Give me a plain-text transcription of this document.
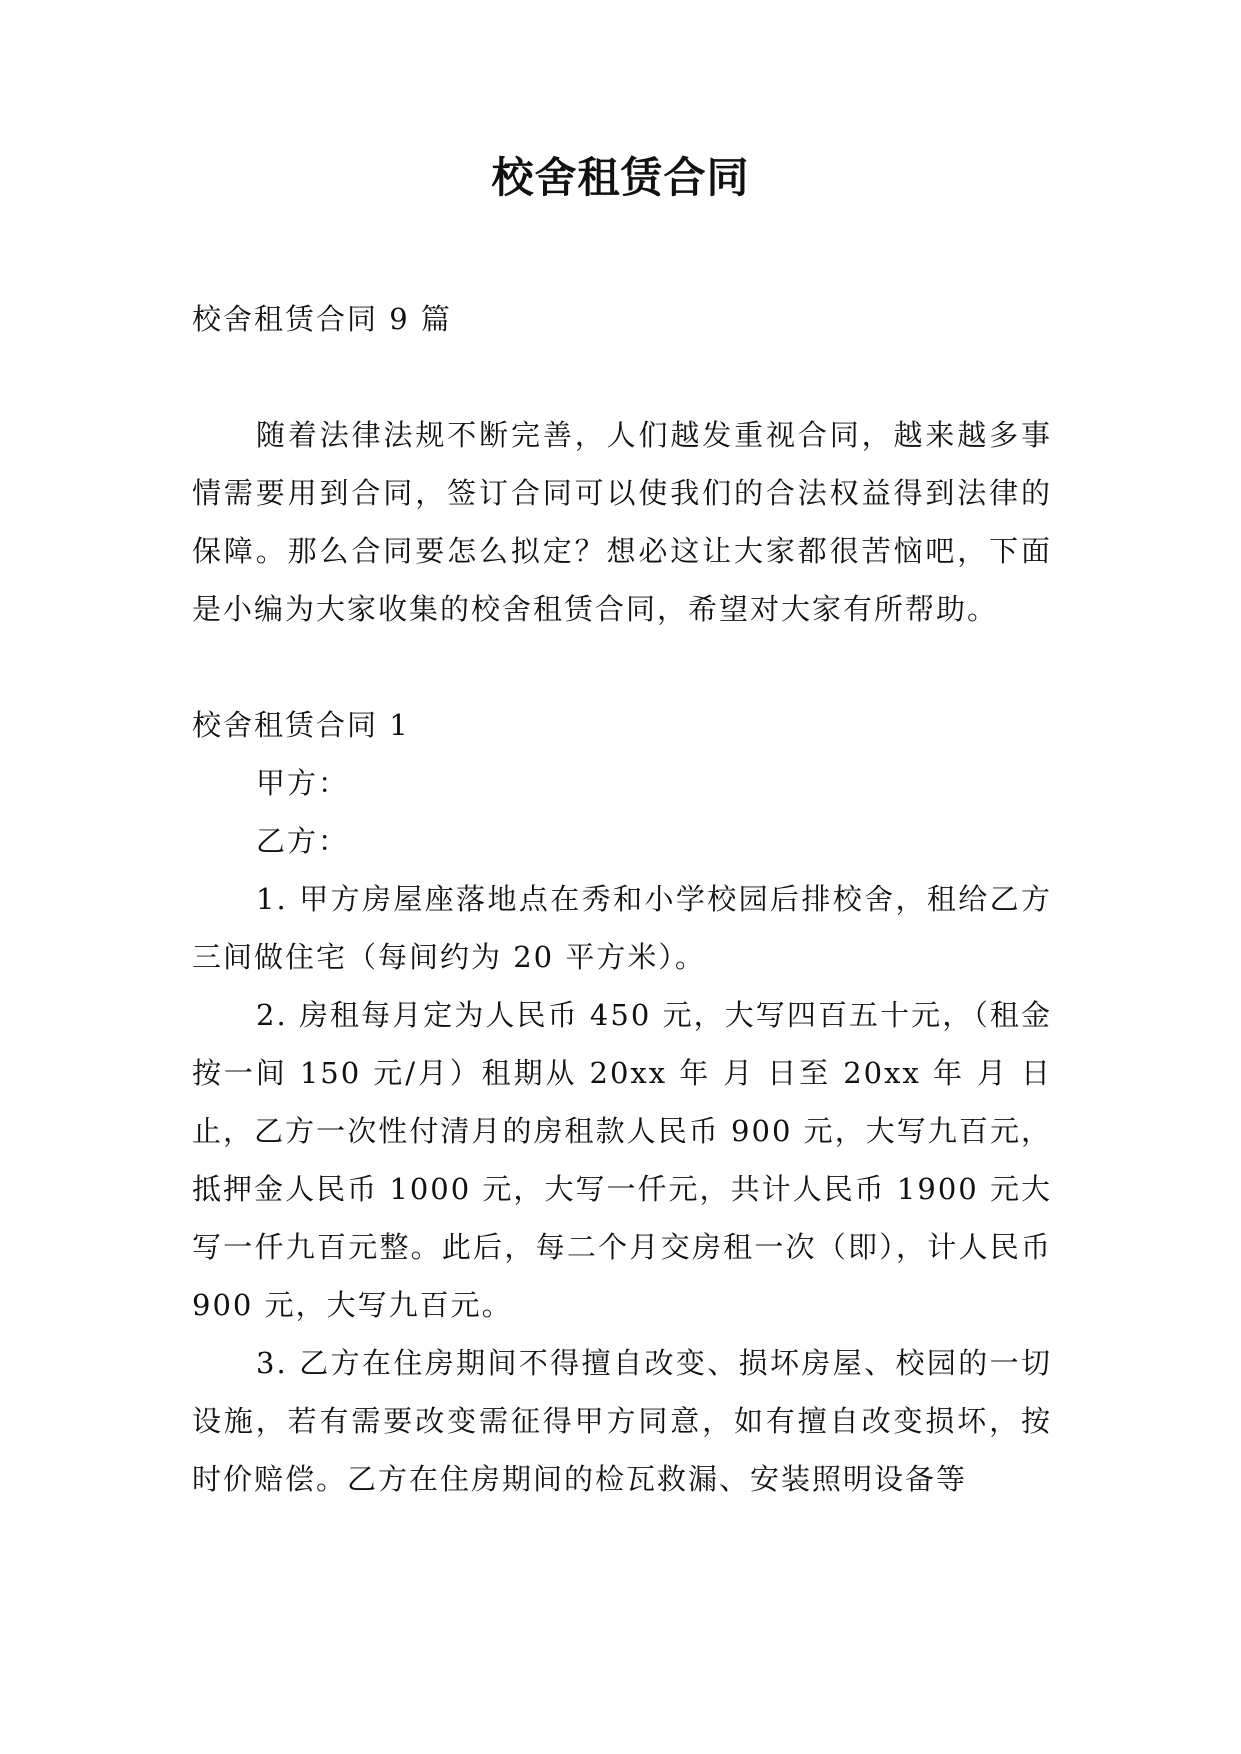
校舍租赁合同

校舍租赁合同 9 篇

随着法律法规不断完善，人们越发重视合同，越来越多事情需要用到合同，签订合同可以使我们的合法权益得到法律的保障。那么合同要怎么拟定？想必这让大家都很苦恼吧，下面是小编为大家收集的校舍租赁合同，希望对大家有所帮助。

校舍租赁合同 1

甲方：

乙方：

1. 甲方房屋座落地点在秀和小学校园后排校舍，租给乙方三间做住宅（每间约为 20 平方米）。

2. 房租每月定为人民币 450 元，大写四百五十元，（租金按一间 150 元/月）租期从 20xx 年 月 日至 20xx 年 月 日 止，乙方一次性付清月的房租款人民币 900 元，大写九百元，抵押金人民币 1000 元，大写一仟元，共计人民币 1900 元大写一仟九百元整。此后，每二个月交房租一次（即），计人民币 900 元，大写九百元。

3. 乙方在住房期间不得擅自改变、损坏房屋、校园的一切设施，若有需要改变需征得甲方同意，如有擅自改变损坏，按时价赔偿。乙方在住房期间的检瓦救漏、安装照明设备等
